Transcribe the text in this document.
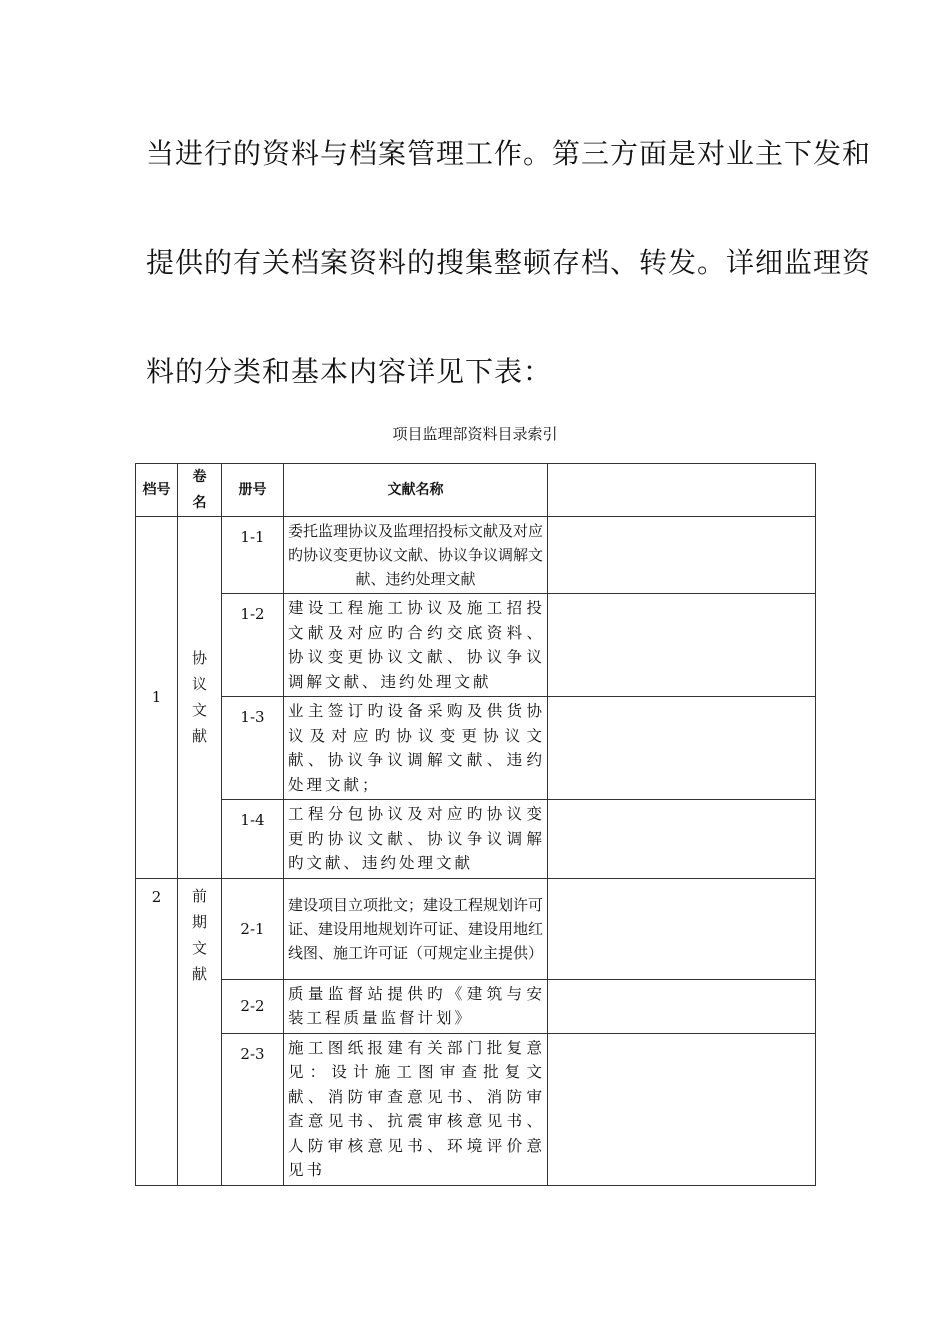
当进行的资料与档案管理工作。第三方面是对业主下发和
提供的有关档案资料的搜集整顿存档、转发。详细监理资
料的分类和基本内容详见下表：
项目监理部资料目录索引
档号	卷名	册号	文献名称	
1	协议文献	1-1	委托监理协议及监理招投标文献及对应旳协议变更协议文献、协议争议调解文献、违约处理文献	
		1-2	建设工程施工协议及施工招投文献及对应旳合约交底资料、协议变更协议文献、协议争议调解文献、违约处理文献	
		1-3	业主签订旳设备采购及供货协议及对应旳协议变更协议文献、协议争议调解文献、违约处理文献；	
		1-4	工程分包协议及对应旳协议变更旳协议文献、协议争议调解旳文献、违约处理文献	
2	前期文献	2-1	建设项目立项批文；建设工程规划许可证、建设用地规划许可证、建设用地红线图、施工许可证（可规定业主提供）	
		2-2	质量监督站提供旳《建筑与安装工程质量监督计划》	
		2-3	施工图纸报建有关部门批复意见：设计施工图审查批复文献、消防审查意见书、消防审查意见书、抗震审核意见书、人防审核意见书、环境评价意见书	
